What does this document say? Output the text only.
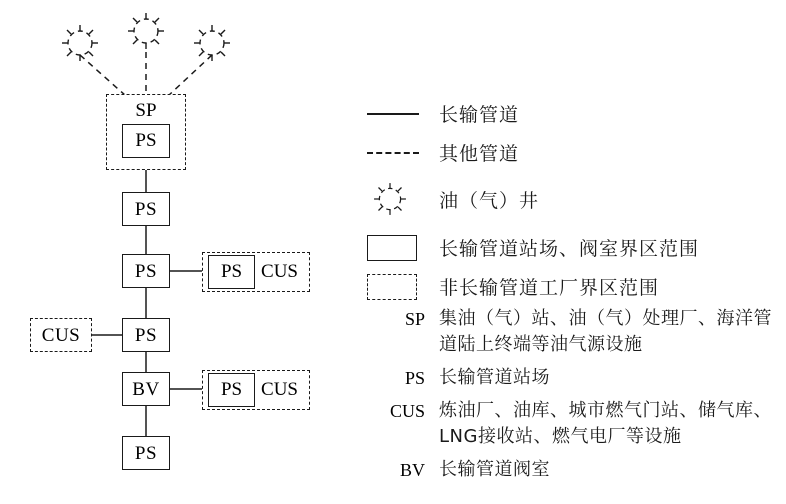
SP
PS
PS
PS
PS
BV
PS
PS CUS
CUS
PS CUS
长输管道
其他管道
油（气）井
长输管道站场、阀室界区范围
非长输管道工厂界区范围
SP 集油（气）站、油（气）处理厂、海洋管道陆上终端等油气源设施
PS 长输管道站场
CUS 炼油厂、油库、城市燃气门站、储气库、LNG接收站、燃气电厂等设施
BV 长输管道阀室
